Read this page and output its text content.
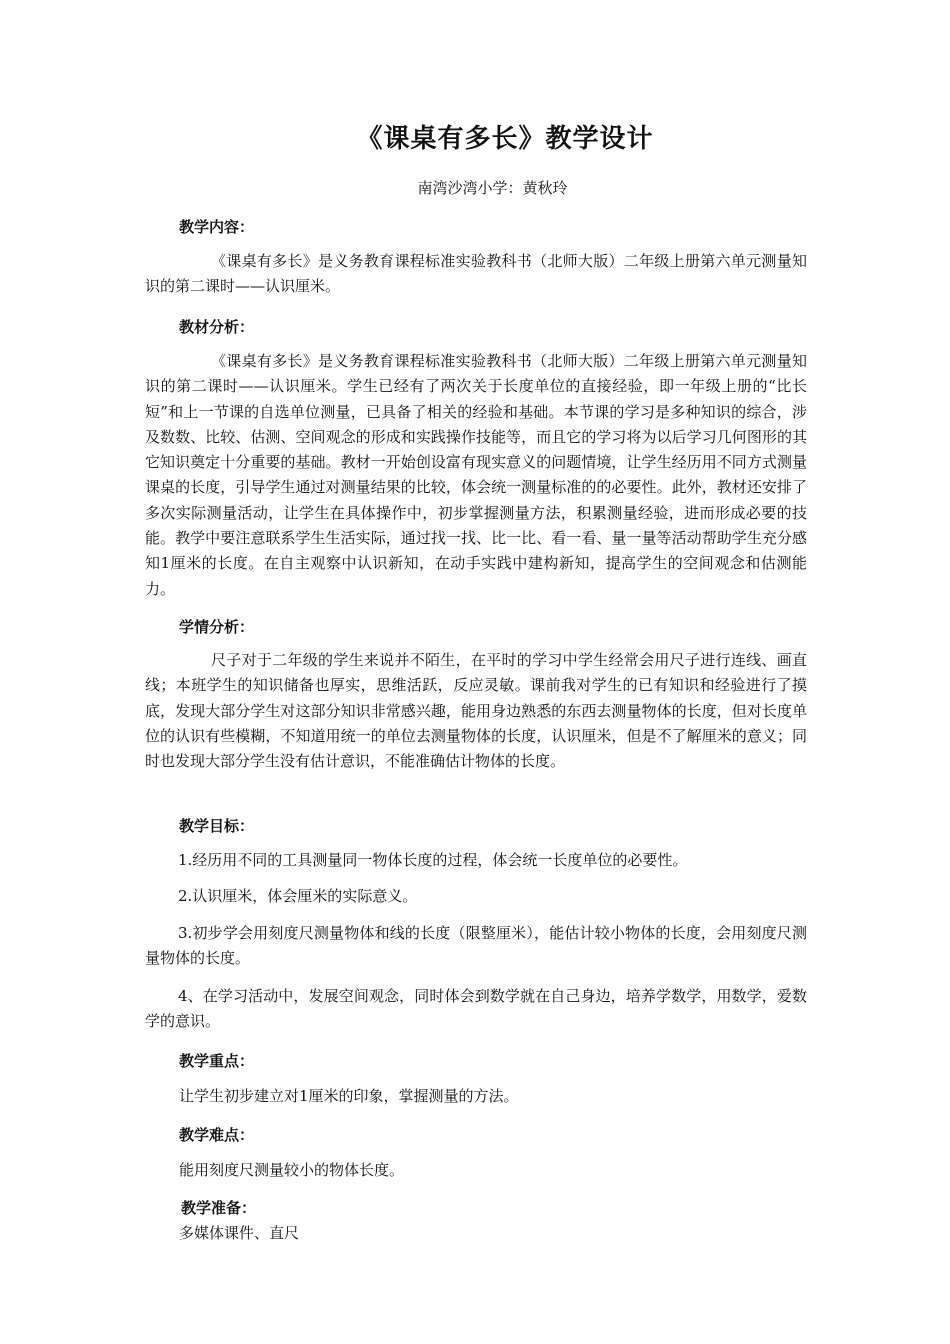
《课桌有多长》教学设计
南湾沙湾小学：黄秋玲
教学内容：
《课桌有多长》是义务教育课程标准实验教科书（北师大版）二年级上册第六单元测量知识的第二课时——认识厘米。
教材分析：
《课桌有多长》是义务教育课程标准实验教科书（北师大版）二年级上册第六单元测量知识的第二课时——认识厘米。学生已经有了两次关于长度单位的直接经验，即一年级上册的“比长短”和上一节课的自选单位测量，已具备了相关的经验和基础。本节课的学习是多种知识的综合，涉及数数、比较、估测、空间观念的形成和实践操作技能等，而且它的学习将为以后学习几何图形的其它知识奠定十分重要的基础。教材一开始创设富有现实意义的问题情境，让学生经历用不同方式测量课桌的长度，引导学生通过对测量结果的比较，体会统一测量标准的的必要性。此外，教材还安排了多次实际测量活动，让学生在具体操作中，初步掌握测量方法，积累测量经验，进而形成必要的技能。教学中要注意联系学生生活实际，通过找一找、比一比、看一看、量一量等活动帮助学生充分感知1厘米的长度。在自主观察中认识新知，在动手实践中建构新知，提高学生的空间观念和估测能力。
学情分析：
尺子对于二年级的学生来说并不陌生，在平时的学习中学生经常会用尺子进行连线、画直线；本班学生的知识储备也厚实，思维活跃，反应灵敏。课前我对学生的已有知识和经验进行了摸底，发现大部分学生对这部分知识非常感兴趣，能用身边熟悉的东西去测量物体的长度，但对长度单位的认识有些模糊，不知道用统一的单位去测量物体的长度，认识厘米，但是不了解厘米的意义；同时也发现大部分学生没有估计意识，不能准确估计物体的长度。
教学目标：
1.经历用不同的工具测量同一物体长度的过程，体会统一长度单位的必要性。
2.认识厘米，体会厘米的实际意义。
3.初步学会用刻度尺测量物体和线的长度（限整厘米），能估计较小物体的长度，会用刻度尺测量物体的长度。
4、在学习活动中，发展空间观念，同时体会到数学就在自己身边，培养学数学，用数学，爱数学的意识。
教学重点：
让学生初步建立对1厘米的印象，掌握测量的方法。
教学难点：
能用刻度尺测量较小的物体长度。
教学准备：
多媒体课件、直尺
